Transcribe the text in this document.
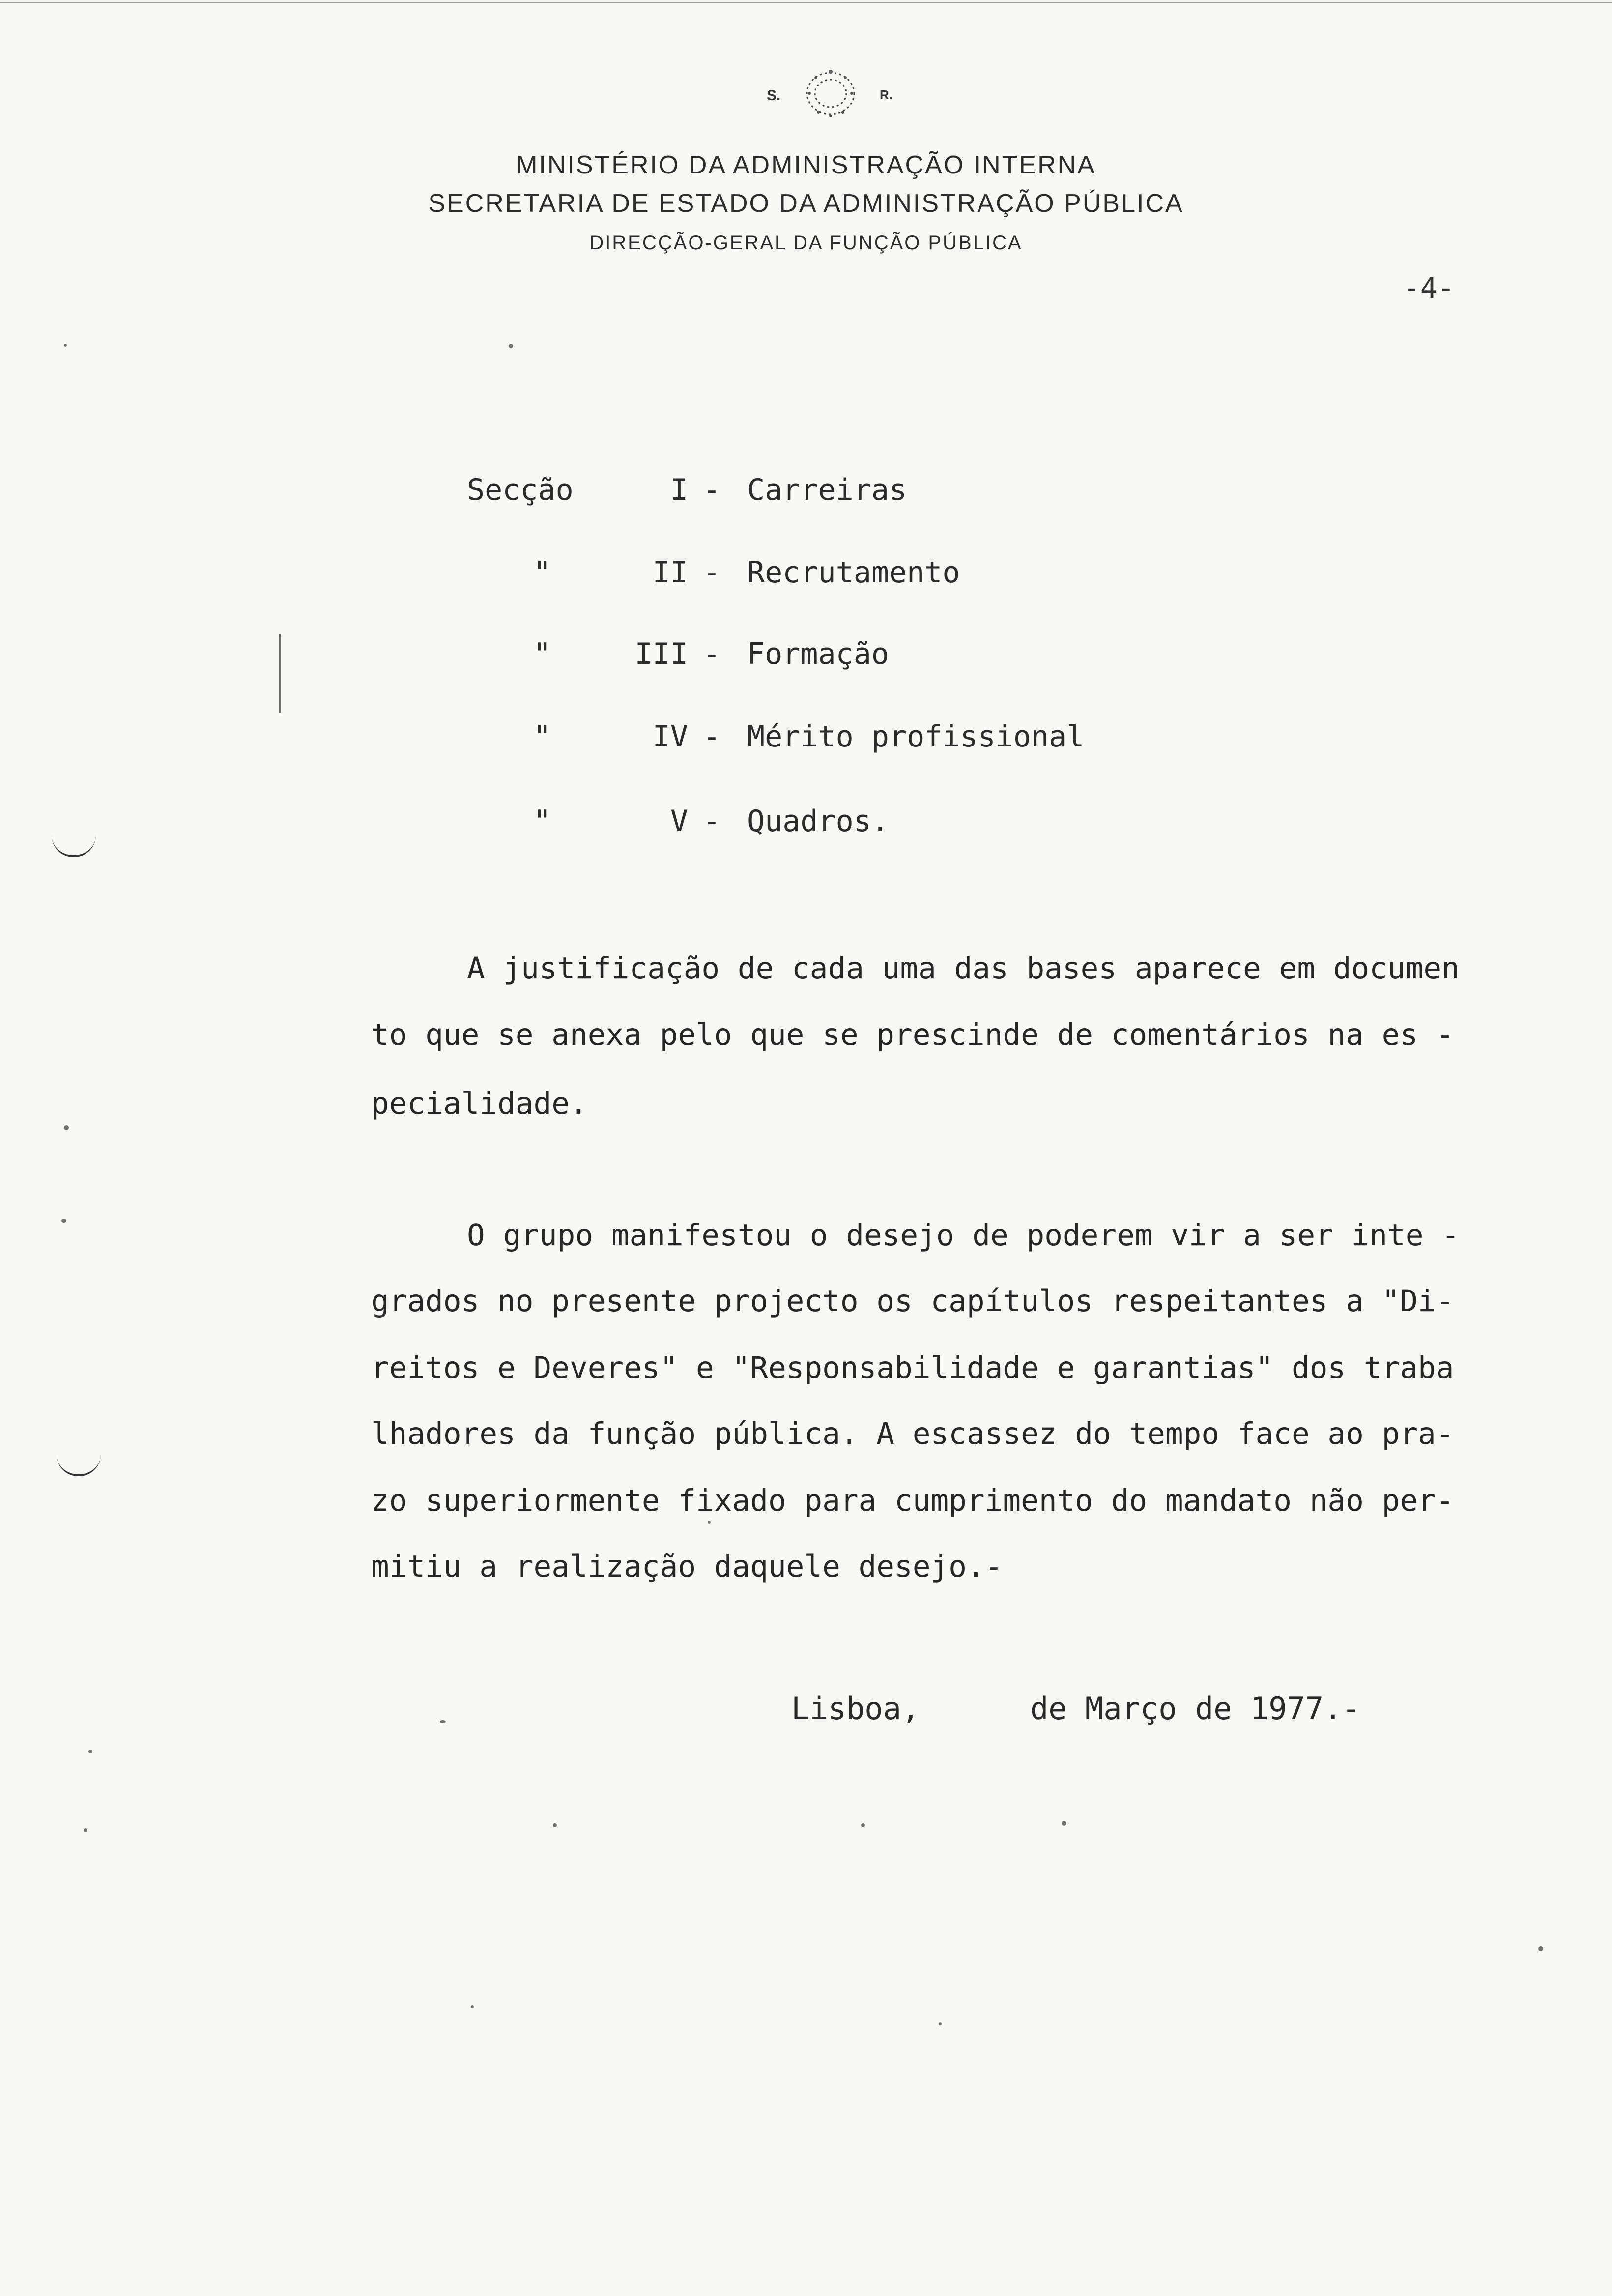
S.	R.
MINISTÉRIO DA ADMINISTRAÇÃO INTERNA
SECRETARIA DE ESTADO DA ADMINISTRAÇÃO PÚBLICA
DIRECÇÃO-GERAL DA FUNÇÃO PÚBLICA
-4-
Secção	I - Carreiras
"	II - Recrutamento
"	III - Formação
"	IV - Mérito profissional
"	V - Quadros.
A justificação de cada uma das bases aparece em documen
to que se anexa pelo que se prescinde de comentários na es -
pecialidade.
O grupo manifestou o desejo de poderem vir a ser inte -
grados no presente projecto os capítulos respeitantes a "Di-
reitos e Deveres" e "Responsabilidade e garantias" dos traba
lhadores da função pública. A escassez do tempo face ao pra-
zo superiormente fixado para cumprimento do mandato não per-
mitiu a realização daquele desejo.-
Lisboa,	de Março de 1977.-
